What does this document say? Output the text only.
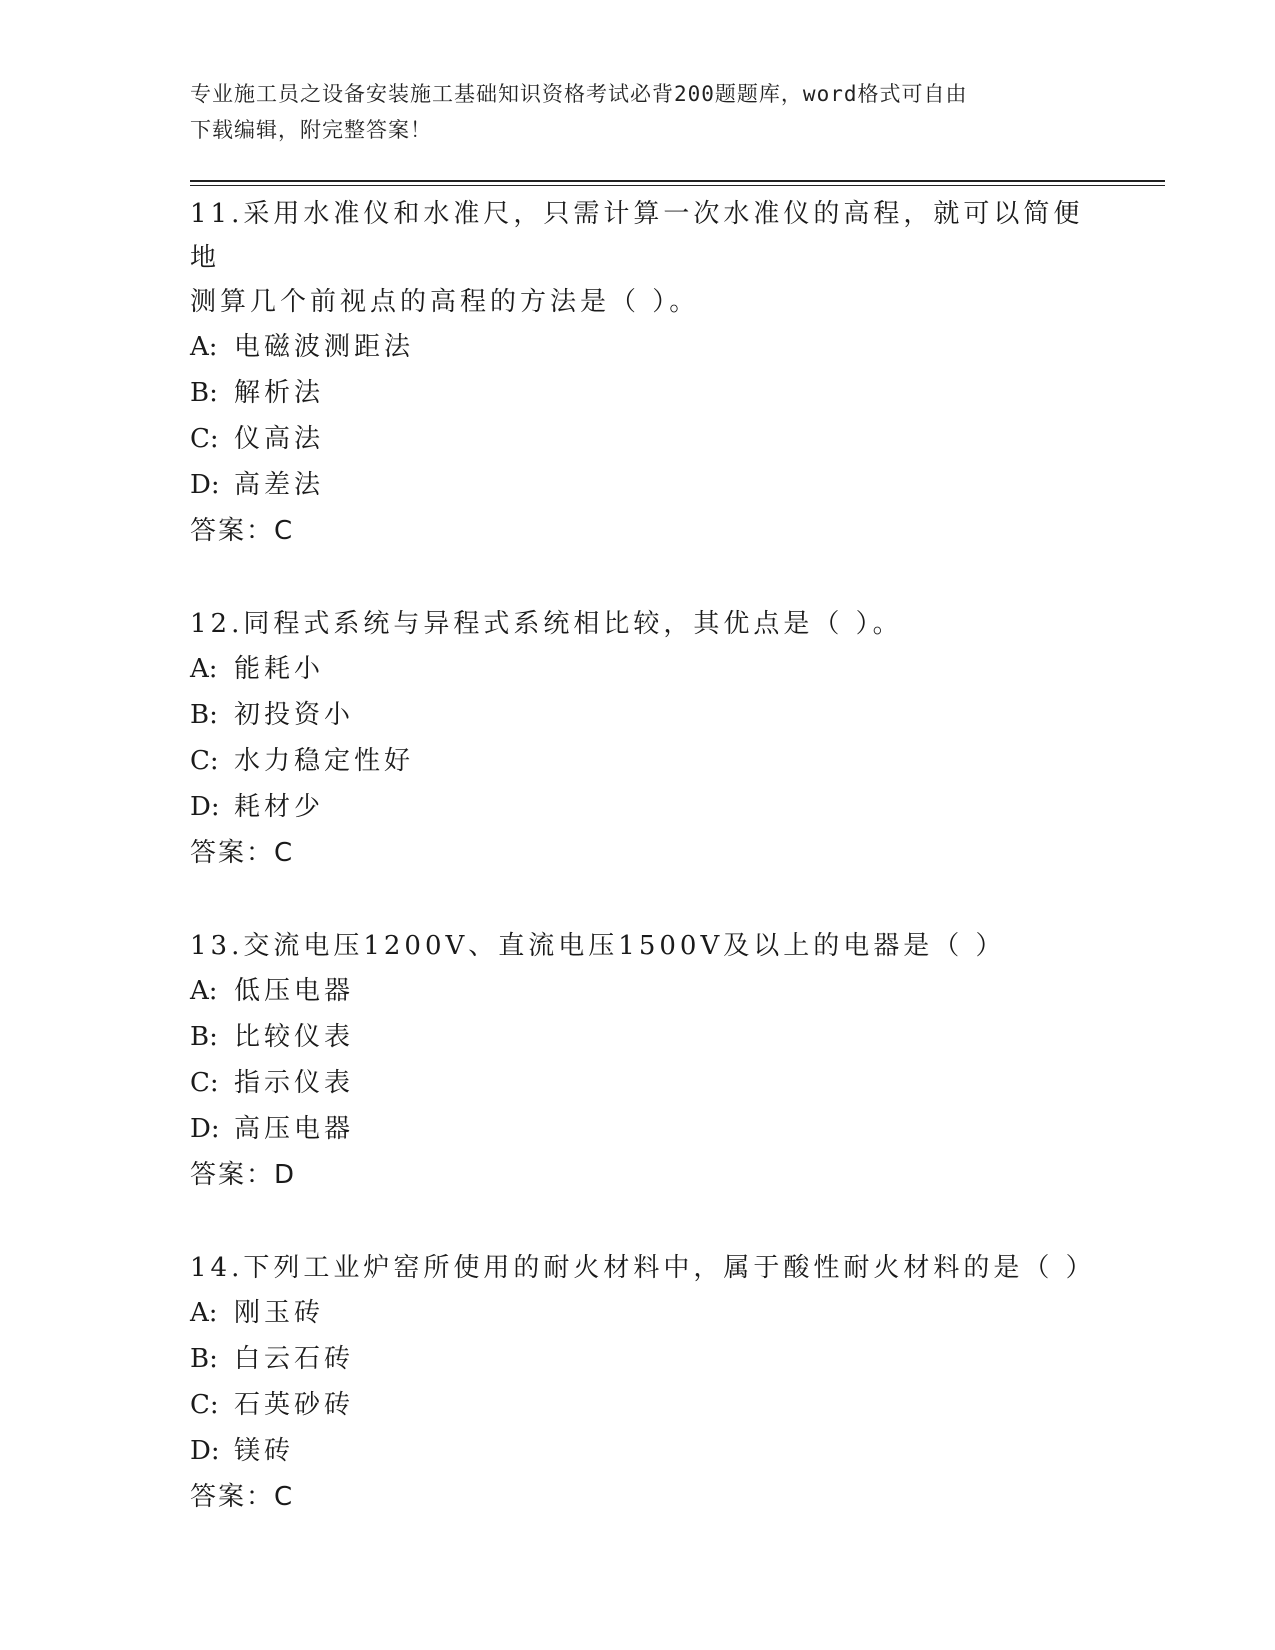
专业施工员之设备安装施工基础知识资格考试必背200题题库，word格式可自由
下载编辑，附完整答案！

11.采用水准仪和水准尺，只需计算一次水准仪的高程，就可以简便地
测算几个前视点的高程的方法是（ ）。

A: 电磁波测距法

B: 解析法

C: 仪高法

D: 高差法

答案：C

12.同程式系统与异程式系统相比较，其优点是（ ）。

A: 能耗小

B: 初投资小

C: 水力稳定性好

D: 耗材少

答案：C

13.交流电压1200V、直流电压1500V及以上的电器是（ ）

A: 低压电器

B: 比较仪表

C: 指示仪表

D: 高压电器

答案：D

14.下列工业炉窑所使用的耐火材料中，属于酸性耐火材料的是（ ）

A: 刚玉砖

B: 白云石砖

C: 石英砂砖

D: 镁砖

答案：C
